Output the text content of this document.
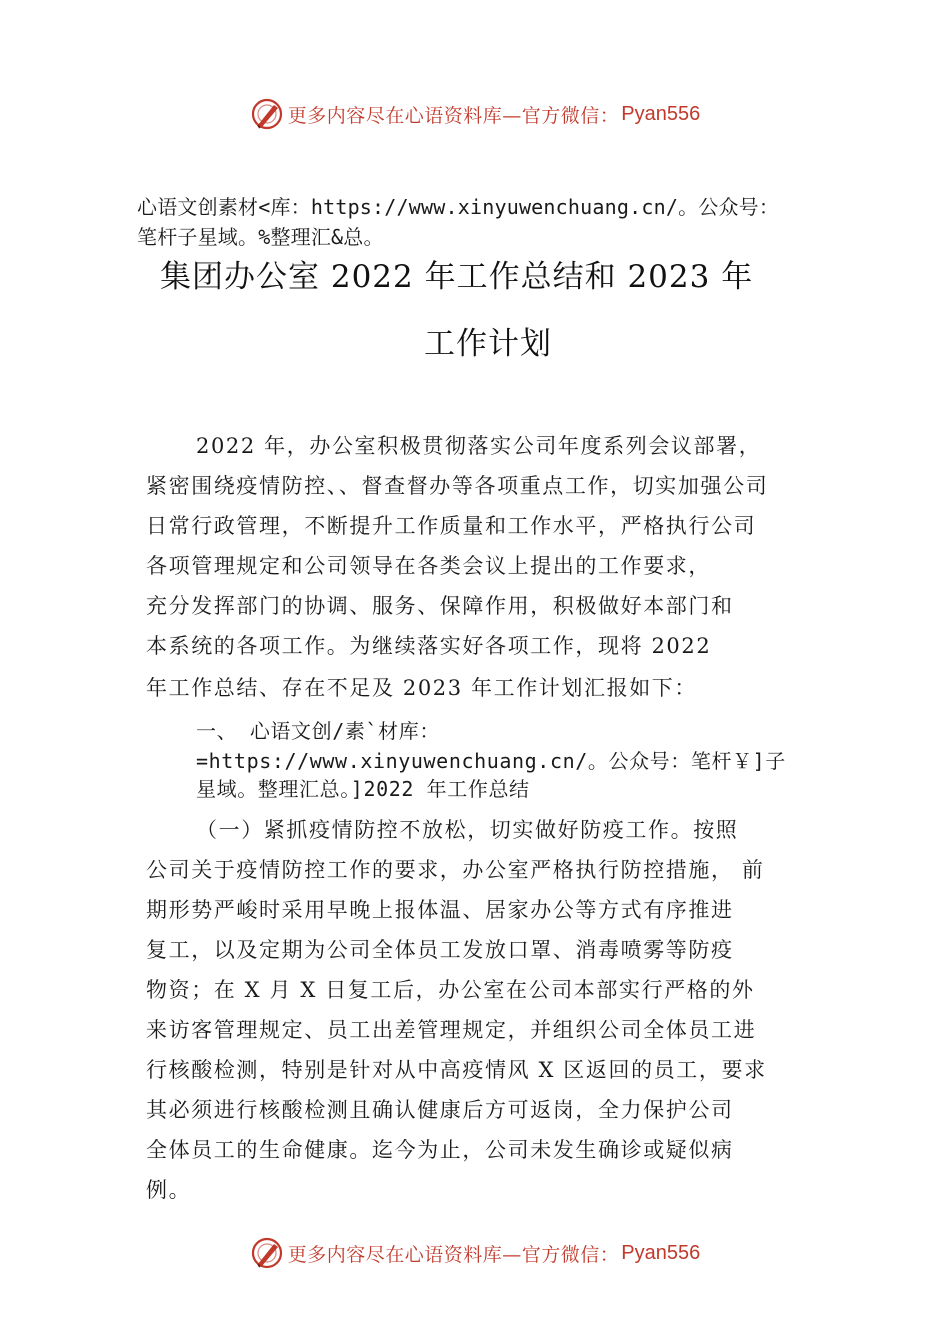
更多内容尽在心语资料库—官方微信： Pyan556
心语文创素材<库：https://www.xinyuwenchuang.cn/。公众号：
笔杆子星域。%整理汇&总。
集团办公室 2022 年工作总结和 2023 年
工作计划
2022 年，办公室积极贯彻落实公司年度系列会议部署，
紧密围绕疫情防控、、督查督办等各项重点工作，切实加强公司
日常行政管理，不断提升工作质量和工作水平，严格执行公司
各项管理规定和公司领导在各类会议上提出的工作要求，
充分发挥部门的协调、服务、保障作用，积极做好本部门和
本系统的各项工作。为继续落实好各项工作，现将 2022
年工作总结、存在不足及 2023 年工作计划汇报如下：
一、 心语文创/素`材库：
=https://www.xinyuwenchuang.cn/。公众号：笔杆￥]子
星域。整理汇总。]2022 年工作总结
（一）紧抓疫情防控不放松，切实做好防疫工作。按照
公司关于疫情防控工作的要求，办公室严格执行防控措施， 前
期形势严峻时采用早晚上报体温、居家办公等方式有序推进
复工，以及定期为公司全体员工发放口罩、消毒喷雾等防疫
物资；在 X 月 X 日复工后，办公室在公司本部实行严格的外
来访客管理规定、员工出差管理规定，并组织公司全体员工进
行核酸检测，特别是针对从中高疫情风 X 区返回的员工，要求
其必须进行核酸检测且确认健康后方可返岗，全力保护公司
全体员工的生命健康。迄今为止，公司未发生确诊或疑似病
例。
更多内容尽在心语资料库—官方微信： Pyan556
